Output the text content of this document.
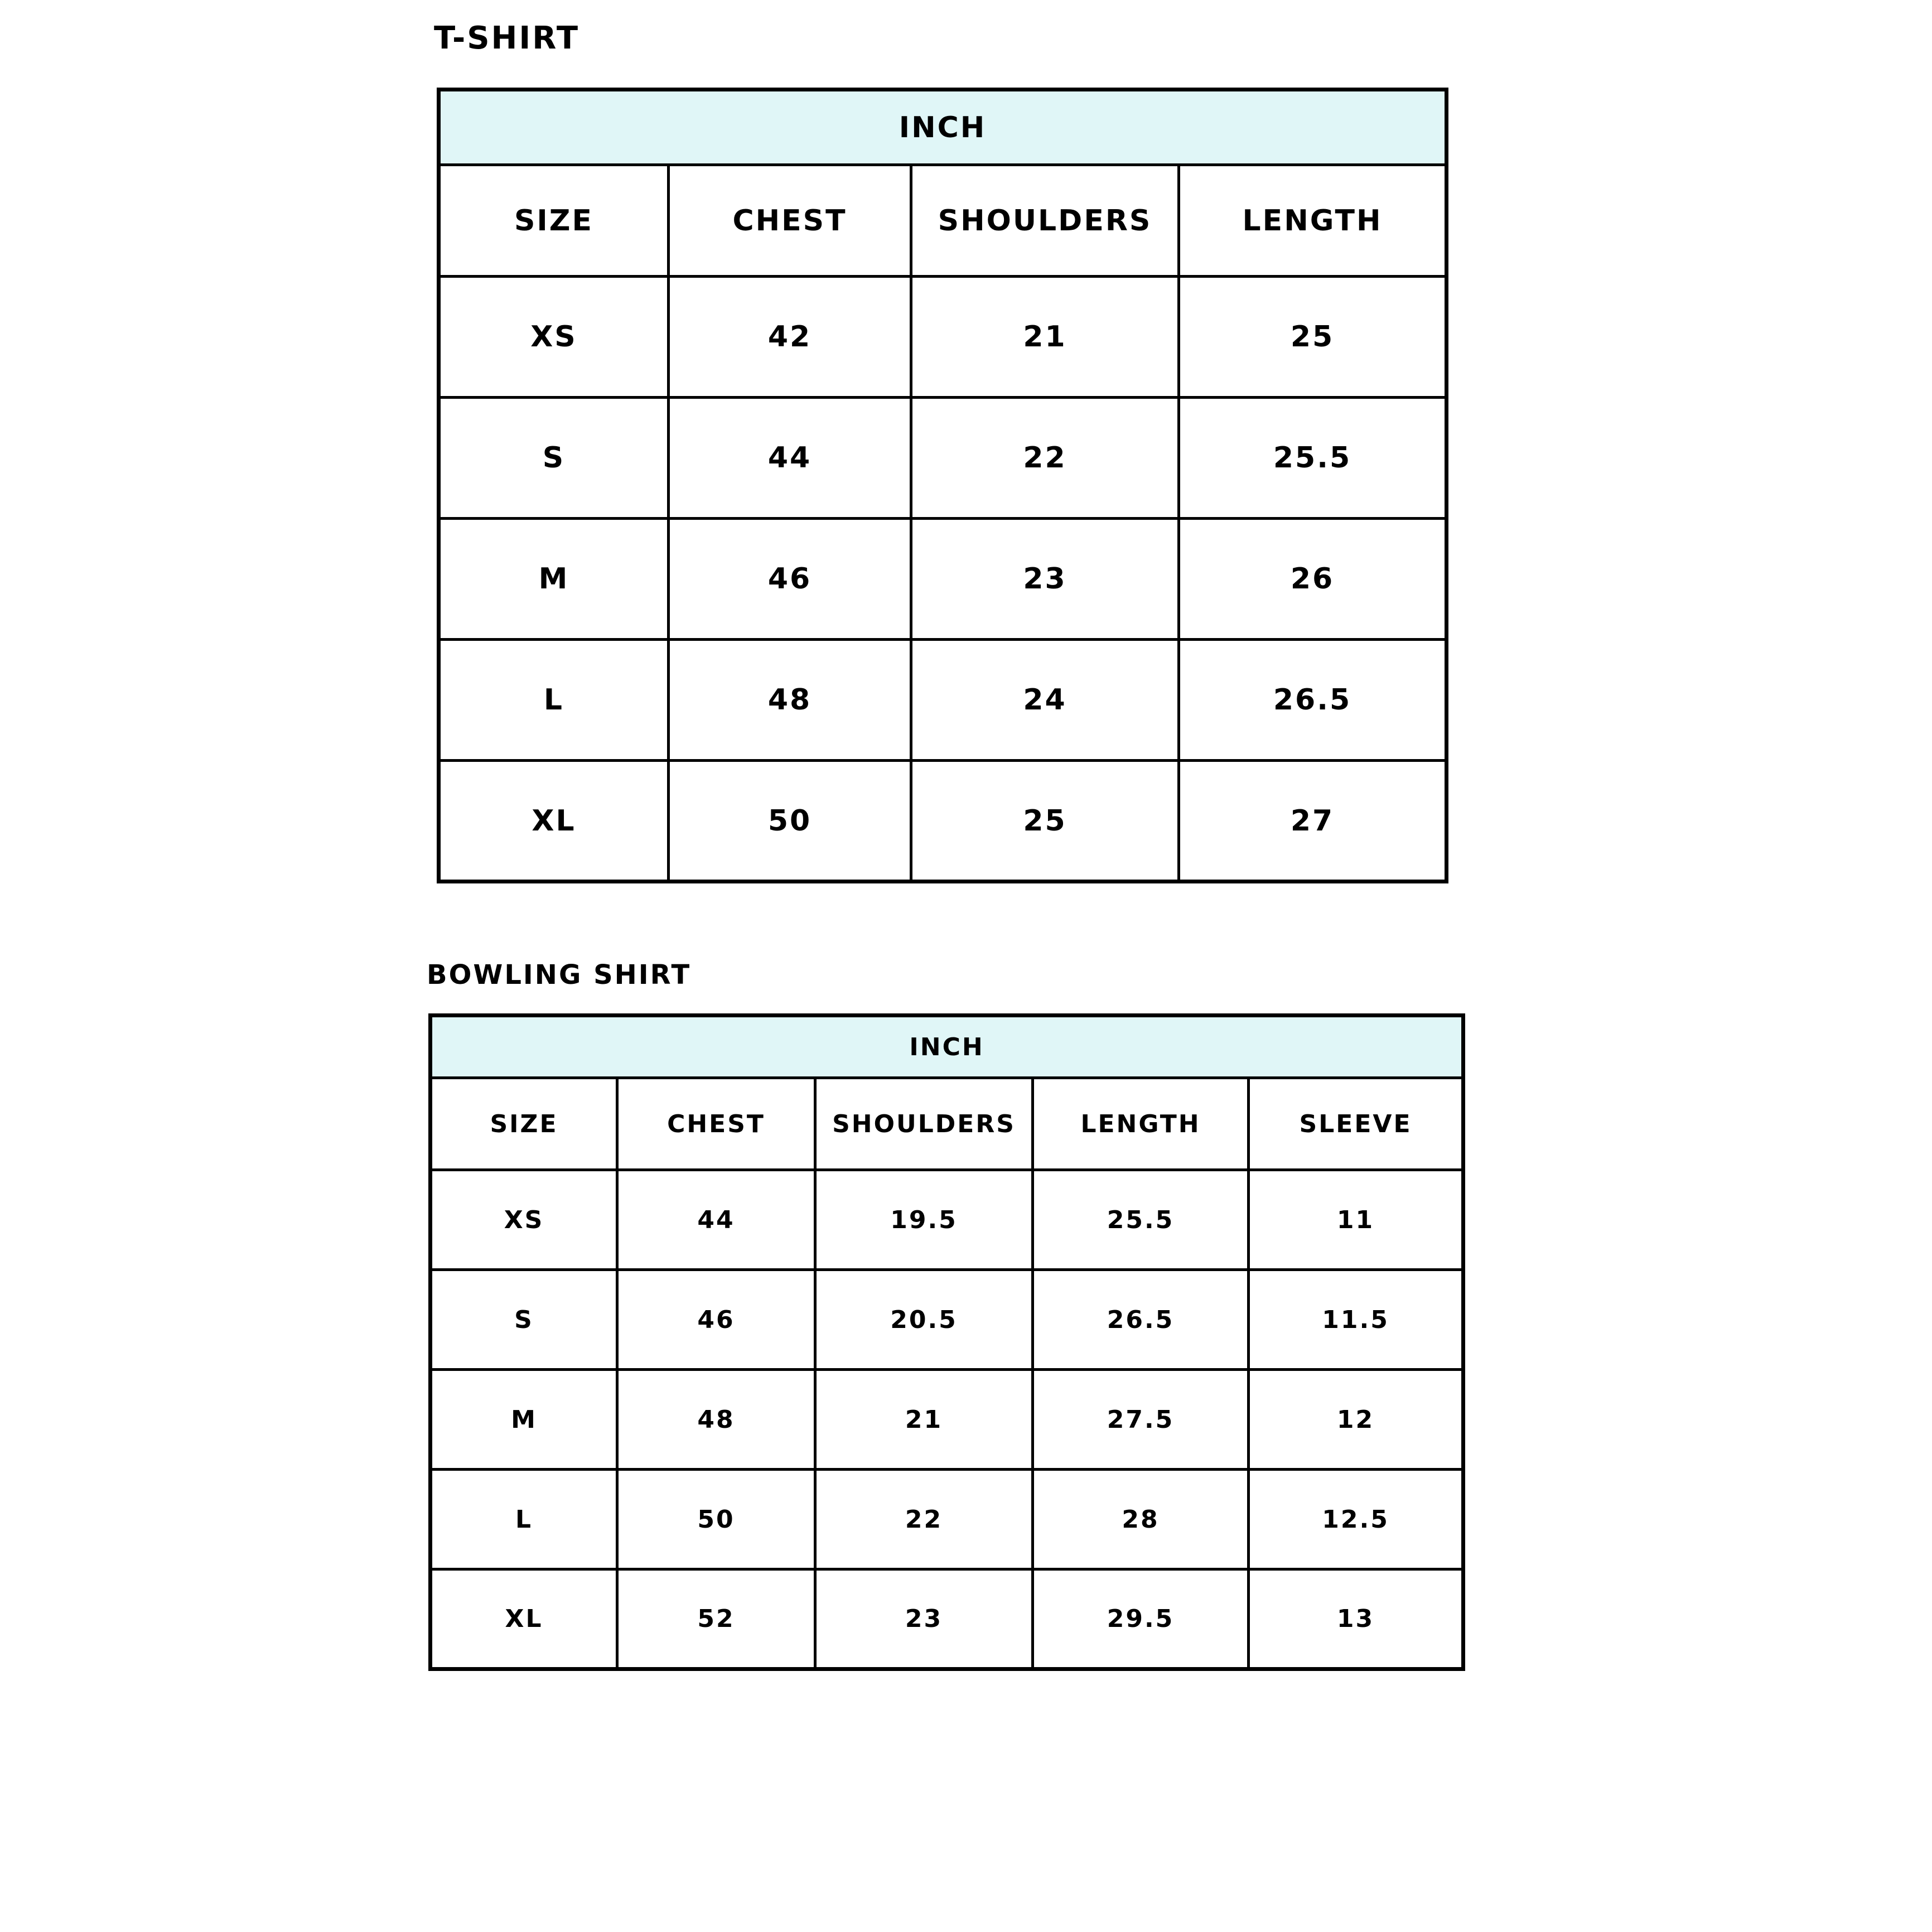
T-SHIRT
INCH			
SIZE	CHEST	SHOULDERS	LENGTH
XS	42	21	25
S	44	22	25.5
M	46	23	26
L	48	24	26.5
XL	50	25	27
BOWLING SHIRT
INCH				
SIZE	CHEST	SHOULDERS	LENGTH	SLEEVE
XS	44	19.5	25.5	11
S	46	20.5	26.5	11.5
M	48	21	27.5	12
L	50	22	28	12.5
XL	52	23	29.5	13
